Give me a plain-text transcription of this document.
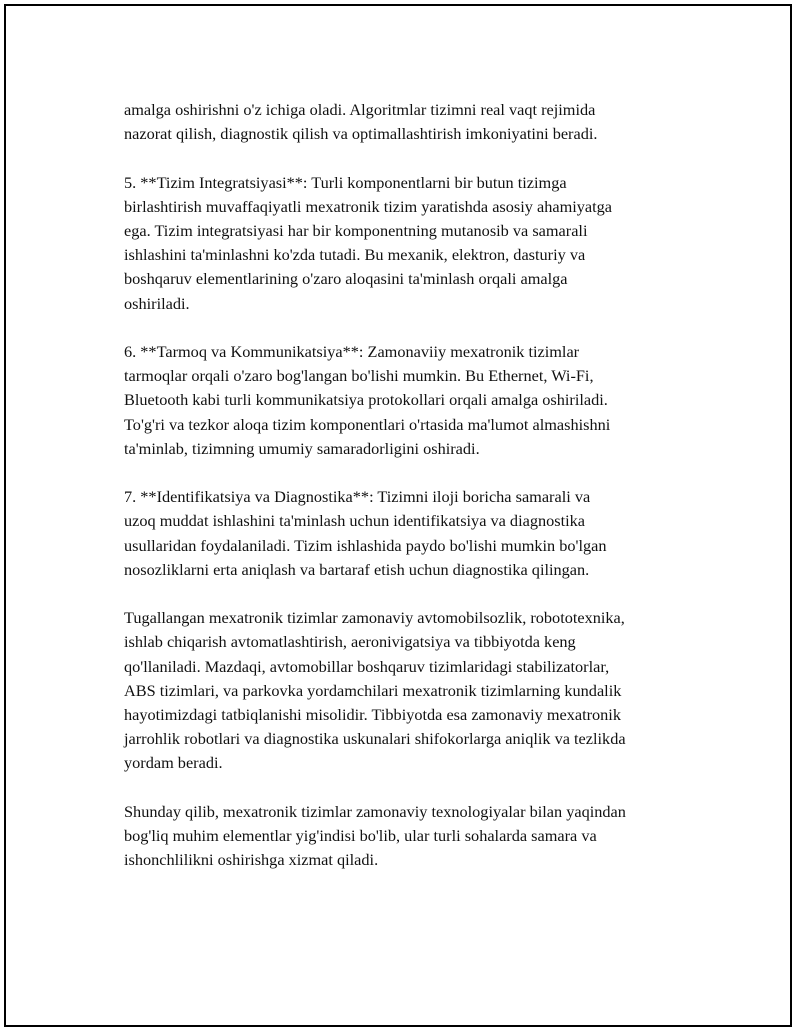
amalga oshirishni o'z ichiga oladi. Algoritmlar tizimni real vaqt rejimida
nazorat qilish, diagnostik qilish va optimallashtirish imkoniyatini beradi.

5. **Tizim Integratsiyasi**: Turli komponentlarni bir butun tizimga
birlashtirish muvaffaqiyatli mexatronik tizim yaratishda asosiy ahamiyatga
ega. Tizim integratsiyasi har bir komponentning mutanosib va samarali
ishlashini ta'minlashni ko'zda tutadi. Bu mexanik, elektron, dasturiy va
boshqaruv elementlarining o'zaro aloqasini ta'minlash orqali amalga
oshiriladi.

6. **Tarmoq va Kommunikatsiya**: Zamonaviiy mexatronik tizimlar
tarmoqlar orqali o'zaro bog'langan bo'lishi mumkin. Bu Ethernet, Wi-Fi,
Bluetooth kabi turli kommunikatsiya protokollari orqali amalga oshiriladi.
To'g'ri va tezkor aloqa tizim komponentlari o'rtasida ma'lumot almashishni
ta'minlab, tizimning umumiy samaradorligini oshiradi.

7. **Identifikatsiya va Diagnostika**: Tizimni iloji boricha samarali va
uzoq muddat ishlashini ta'minlash uchun identifikatsiya va diagnostika
usullaridan foydalaniladi. Tizim ishlashida paydo bo'lishi mumkin bo'lgan
nosozliklarni erta aniqlash va bartaraf etish uchun diagnostika qilingan.

Tugallangan mexatronik tizimlar zamonaviy avtomobilsozlik, robototexnika,
ishlab chiqarish avtomatlashtirish, aeronivigatsiya va tibbiyotda keng
qo'llaniladi. Mazdaqi, avtomobillar boshqaruv tizimlaridagi stabilizatorlar,
ABS tizimlari, va parkovka yordamchilari mexatronik tizimlarning kundalik
hayotimizdagi tatbiqlanishi misolidir. Tibbiyotda esa zamonaviy mexatronik
jarrohlik robotlari va diagnostika uskunalari shifokorlarga aniqlik va tezlikda
yordam beradi.

Shunday qilib, mexatronik tizimlar zamonaviy texnologiyalar bilan yaqindan
bog'liq muhim elementlar yig'indisi bo'lib, ular turli sohalarda samara va
ishonchlilikni oshirishga xizmat qiladi.
